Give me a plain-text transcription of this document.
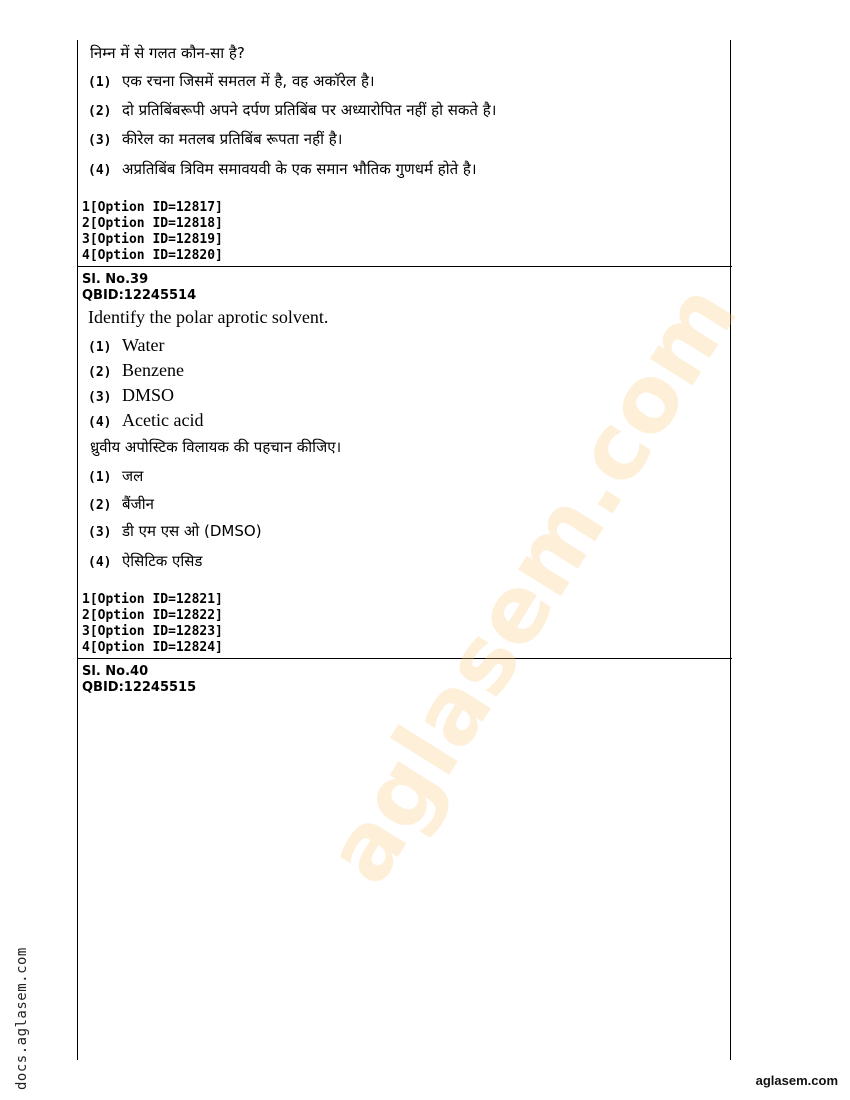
निम्न में से गलत कौन-सा है?
(1) एक रचना जिसमें समतल में है, वह अकाॅरेल है।
(2) दो प्रतिबिंबरूपी अपने दर्पण प्रतिबिंब पर अध्यारोपित नहीं हो सकते है।
(3) कीरेल का मतलब प्रतिबिंब रूपता नहीं है।
(4) अप्रतिबिंब त्रिविम समावयवी के एक समान भौतिक गुणधर्म होते है।
1[Option ID=12817]
2[Option ID=12818]
3[Option ID=12819]
4[Option ID=12820]
Sl. No.39
QBID:12245514
Identify the polar aprotic solvent.
(1) Water
(2) Benzene
(3) DMSO
(4) Acetic acid
ध्रुवीय अपोस्टिक विलायक की पहचान कीजिए।
(1) जल
(2) बैंजीन
(3) डी एम एस ओ (DMSO)
(4) ऐसिटिक एसिड
1[Option ID=12821]
2[Option ID=12822]
3[Option ID=12823]
4[Option ID=12824]
Sl. No.40
QBID:12245515 aglasem.com
docs.aglasem.com	aglasem.com
